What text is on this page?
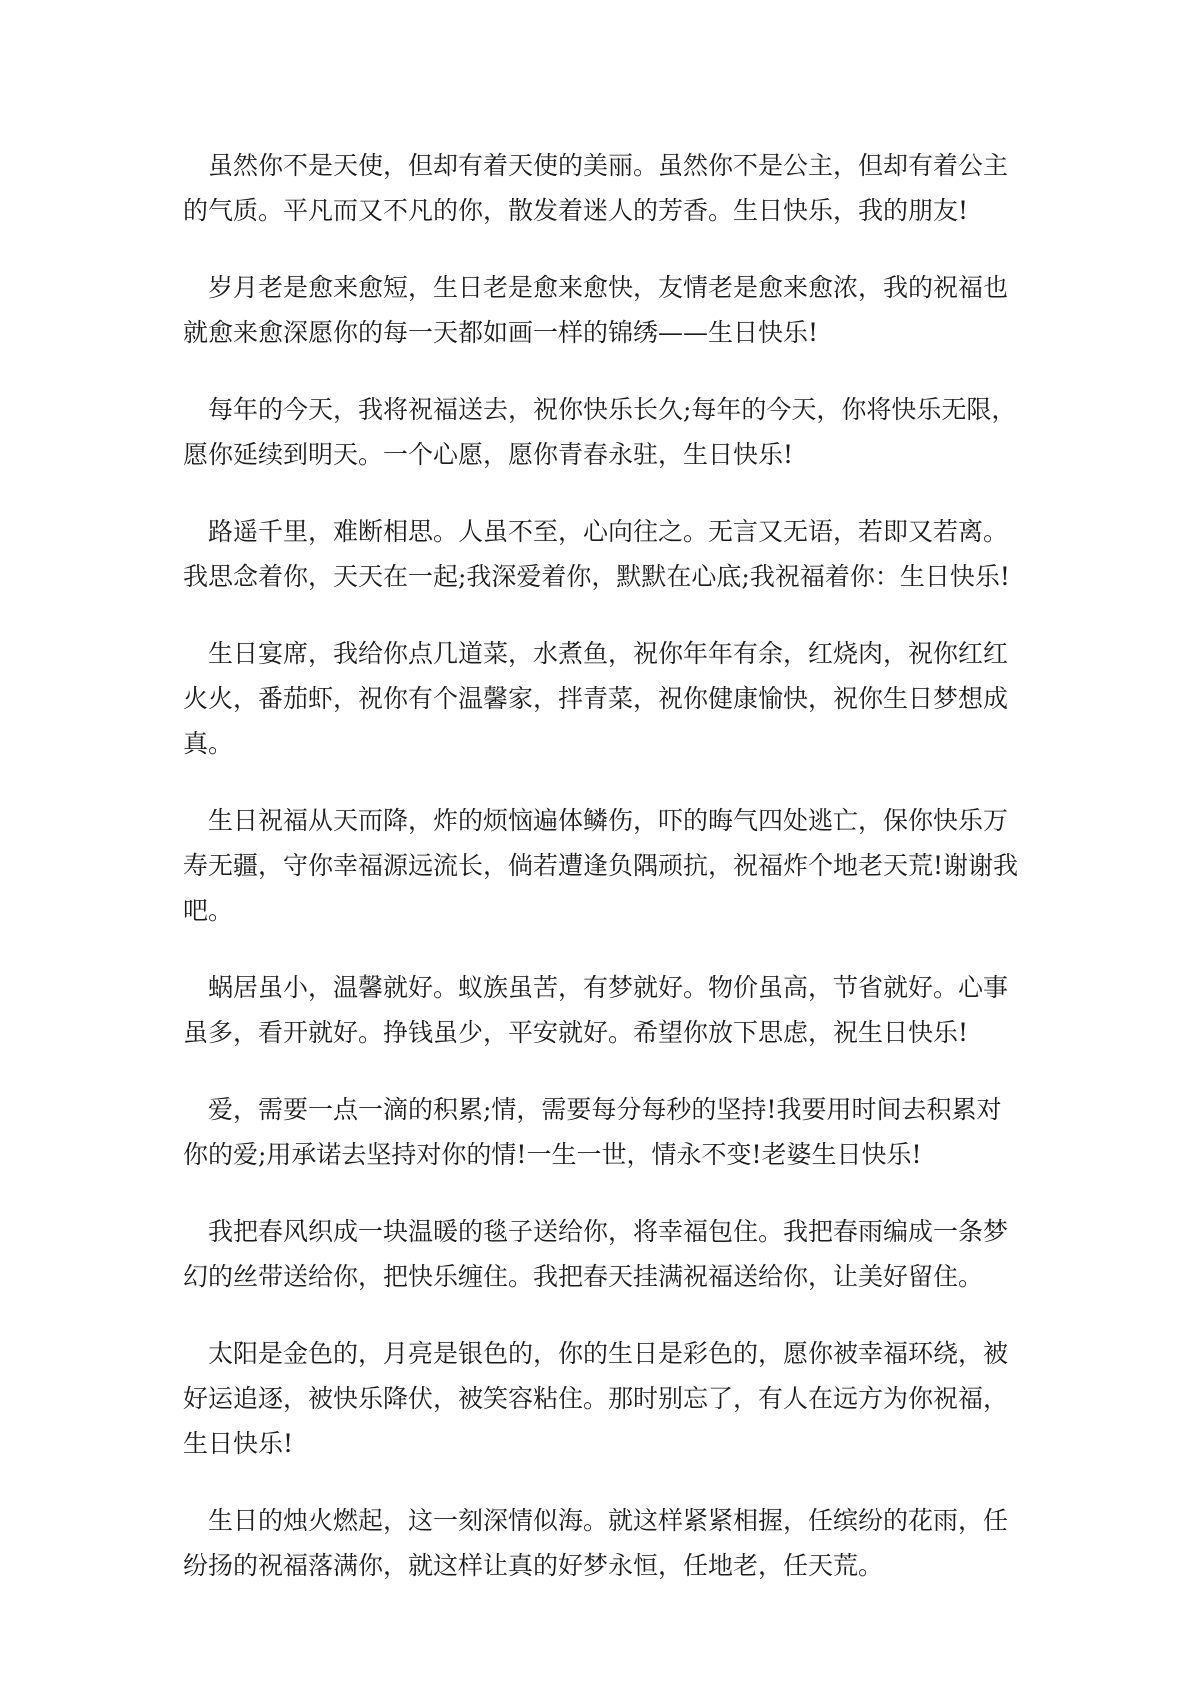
虽然你不是天使，但却有着天使的美丽。虽然你不是公主，但却有着公主的气质。平凡而又不凡的你，散发着迷人的芳香。生日快乐，我的朋友!

岁月老是愈来愈短，生日老是愈来愈快，友情老是愈来愈浓，我的祝福也就愈来愈深愿你的每一天都如画一样的锦绣——生日快乐!

每年的今天，我将祝福送去，祝你快乐长久;每年的今天，你将快乐无限，愿你延续到明天。一个心愿，愿你青春永驻，生日快乐!

路遥千里，难断相思。人虽不至，心向往之。无言又无语，若即又若离。我思念着你，天天在一起;我深爱着你，默默在心底;我祝福着你：生日快乐!

生日宴席，我给你点几道菜，水煮鱼，祝你年年有余，红烧肉，祝你红红火火，番茄虾，祝你有个温馨家，拌青菜，祝你健康愉快，祝你生日梦想成真。

生日祝福从天而降，炸的烦恼遍体鳞伤，吓的晦气四处逃亡，保你快乐万寿无疆，守你幸福源远流长，倘若遭逢负隅顽抗，祝福炸个地老天荒!谢谢我吧。

蜗居虽小，温馨就好。蚁族虽苦，有梦就好。物价虽高，节省就好。心事虽多，看开就好。挣钱虽少，平安就好。希望你放下思虑，祝生日快乐!

爱，需要一点一滴的积累;情，需要每分每秒的坚持!我要用时间去积累对你的爱;用承诺去坚持对你的情!一生一世，情永不变!老婆生日快乐!

我把春风织成一块温暖的毯子送给你，将幸福包住。我把春雨编成一条梦幻的丝带送给你，把快乐缠住。我把春天挂满祝福送给你，让美好留住。

太阳是金色的，月亮是银色的，你的生日是彩色的，愿你被幸福环绕，被好运追逐，被快乐降伏，被笑容粘住。那时别忘了，有人在远方为你祝福，生日快乐!

生日的烛火燃起，这一刻深情似海。就这样紧紧相握，任缤纷的花雨，任纷扬的祝福落满你，就这样让真的好梦永恒，任地老，任天荒。
